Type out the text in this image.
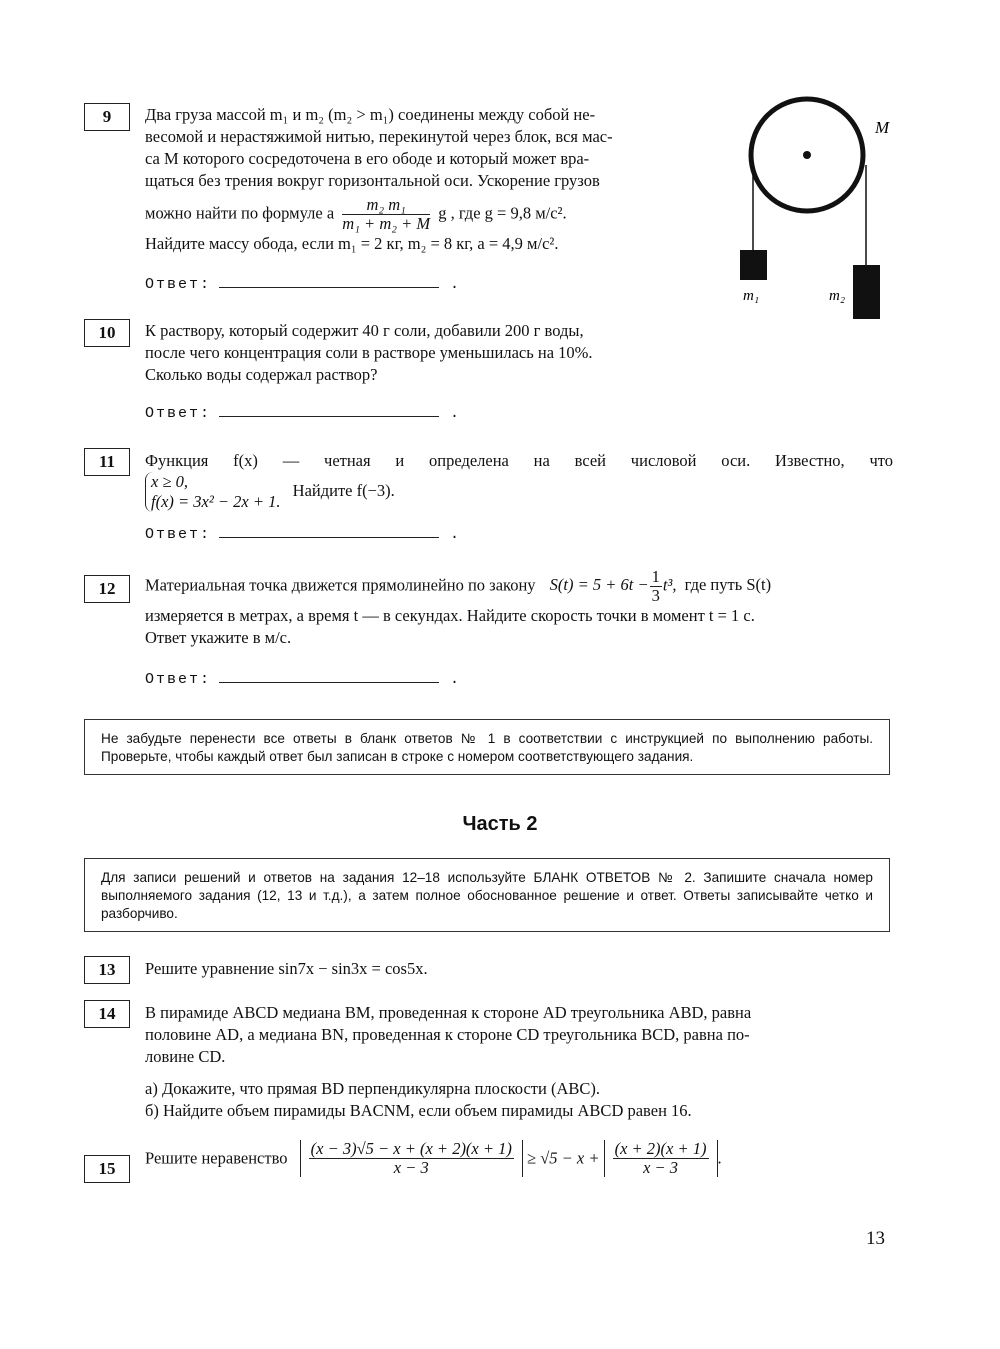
9	Два груза массой m₁ и m₂ (m₂ > m₁) соединены между собой не-

весомой и нерастяжимой нитью, перекинутой через блок, вся мас-

са M которого сосредоточена в его ободе и который может вра-

щаться без трения вокруг горизонтальной оси. Ускорение грузов

можно найти по формуле a $\frac{\text{m₂ m₁}}{\text{m₁ + m₂ + M}}$ g , где g = 9,8 м/с².

Найдите массу обода, если m₁ = 2 кг, m₂ = 8 кг, a = 4,9 м/с².

Ответ:	.
M
m₁	m₂
10	К раствору, который содержит 40 г соли, добавили 200 г воды,

после чего концентрация соли в растворе уменьшилась на 10%.

Сколько воды содержал раствор?

Ответ:	.
11	Функция f(x) — четная и определена на всей числовой оси. Известно, что

x ≥ 0,
f(x) = 3x² − 2x + 1.
Найдите f(−3).

Ответ:	.
12	Материальная точка движется прямолинейно по закону $S(t) = 5 + 6t - \frac{1}{3} t^3$, где путь S(t)

измеряется в метрах, а время t — в секундах. Найдите скорость точки в момент t = 1 с.

Ответ укажите в м/с.

Ответ:	.
Не забудьте перенести все ответы в бланк ответов № 1 в соответствии с инструкцией по выполнению работы. Проверьте, чтобы каждый ответ был записан в строке с номером соответствующего задания.
Часть 2
Для записи решений и ответов на задания 12–18 используйте БЛАНК ОТВЕТОВ № 2. Запишите сначала номер выполняемого задания (12, 13 и т.д.), а затем полное обоснованное решение и ответ. Ответы записывайте четко и разборчиво.
13	Решите уравнение sin7x − sin3x = cos5x.
14	В пирамиде ABCD медиана BM, проведенная к стороне AD треугольника ABD, равна

половине AD, а медиана BN, проведенная к стороне CD треугольника BCD, равна по-

ловине CD.

а) Докажите, что прямая BD перпендикулярна плоскости (ABC).

б) Найдите объем пирамиды BACNM, если объем пирамиды ABCD равен 16.

15
Решите неравенство $\frac{(x - 3)√5 - x + (x + 2)(x + 1)}{x - 3} \ge √5 - x + \frac{(x + 2)(x + 1)}{x - 3}$ .
13
